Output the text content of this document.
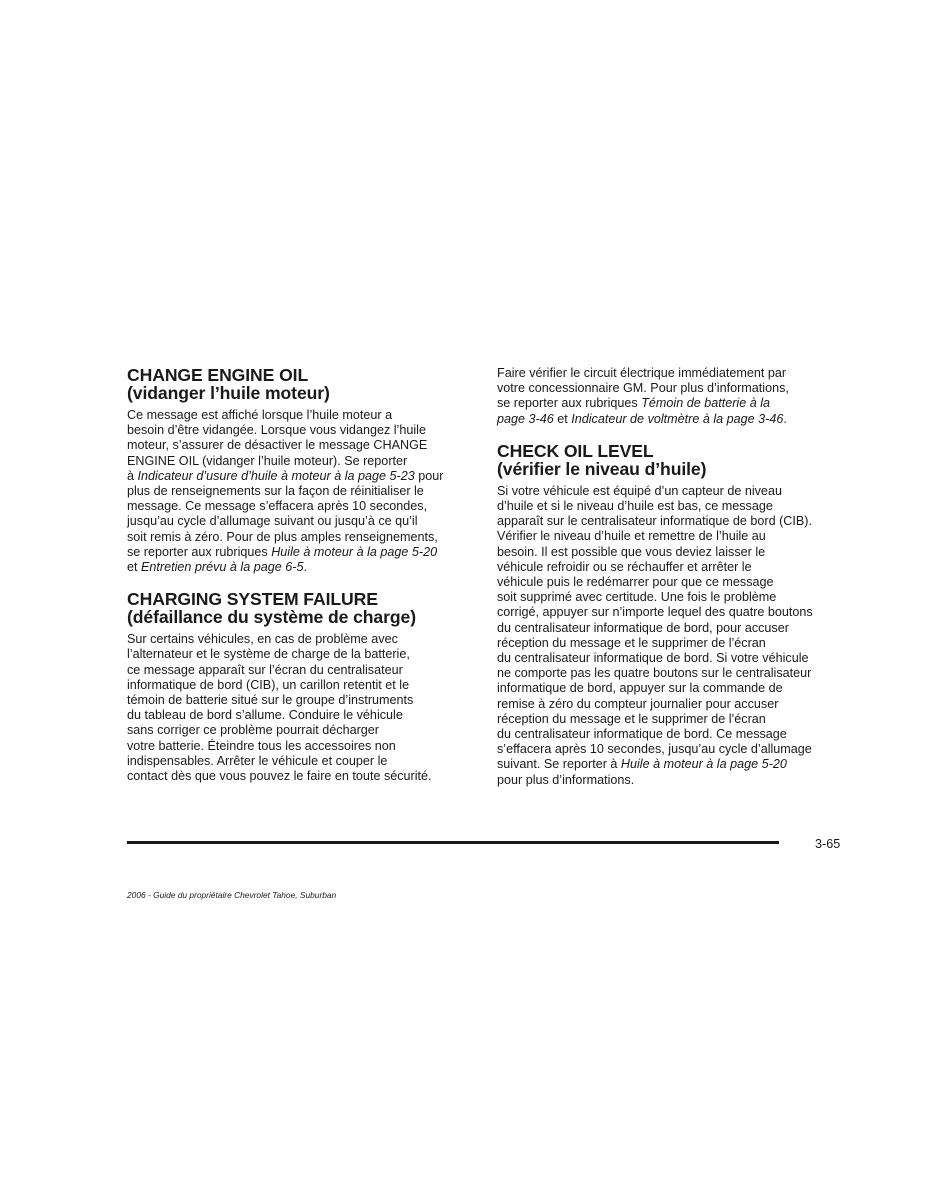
CHANGE ENGINE OIL
(vidanger l’huile moteur)

Ce message est affiché lorsque l’huile moteur a
besoin d’être vidangée. Lorsque vous vidangez l’huile
moteur, s’assurer de désactiver le message CHANGE
ENGINE OIL (vidanger l’huile moteur). Se reporter
à Indicateur d’usure d’huile à moteur à la page 5-23 pour
plus de renseignements sur la façon de réinitialiser le
message. Ce message s’effacera après 10 secondes,
jusqu’au cycle d’allumage suivant ou jusqu’à ce qu’il
soit remis à zéro. Pour de plus amples renseignements,
se reporter aux rubriques Huile à moteur à la page 5-20
et Entretien prévu à la page 6-5.

CHARGING SYSTEM FAILURE
(défaillance du système de charge)

Sur certains véhicules, en cas de problème avec
l’alternateur et le système de charge de la batterie,
ce message apparaît sur l’écran du centralisateur
informatique de bord (CIB), un carillon retentit et le
témoin de batterie situé sur le groupe d’instruments
du tableau de bord s’allume. Conduire le véhicule
sans corriger ce problème pourrait décharger
votre batterie. Éteindre tous les accessoires non
indispensables. Arrêter le véhicule et couper le
contact dès que vous pouvez le faire en toute sécurité.

Faire vérifier le circuit électrique immédiatement par
votre concessionnaire GM. Pour plus d’informations,
se reporter aux rubriques Témoin de batterie à la
page 3-46 et Indicateur de voltmètre à la page 3-46.

CHECK OIL LEVEL
(vérifier le niveau d’huile)

Si votre véhicule est équipé d’un capteur de niveau
d’huile et si le niveau d’huile est bas, ce message
apparaît sur le centralisateur informatique de bord (CIB).
Vérifier le niveau d’huile et remettre de l’huile au
besoin. Il est possible que vous deviez laisser le
véhicule refroidir ou se réchauffer et arrêter le
véhicule puis le redémarrer pour que ce message
soit supprimé avec certitude. Une fois le problème
corrigé, appuyer sur n’importe lequel des quatre boutons
du centralisateur informatique de bord, pour accuser
réception du message et le supprimer de l’écran
du centralisateur informatique de bord. Si votre véhicule
ne comporte pas les quatre boutons sur le centralisateur
informatique de bord, appuyer sur la commande de
remise à zéro du compteur journalier pour accuser
réception du message et le supprimer de l’écran
du centralisateur informatique de bord. Ce message
s’effacera après 10 secondes, jusqu’au cycle d’allumage
suivant. Se reporter à Huile à moteur à la page 5-20
pour plus d’informations.

3-65
2006 - Guide du propriétaire Chevrolet Tahoe, Suburban
